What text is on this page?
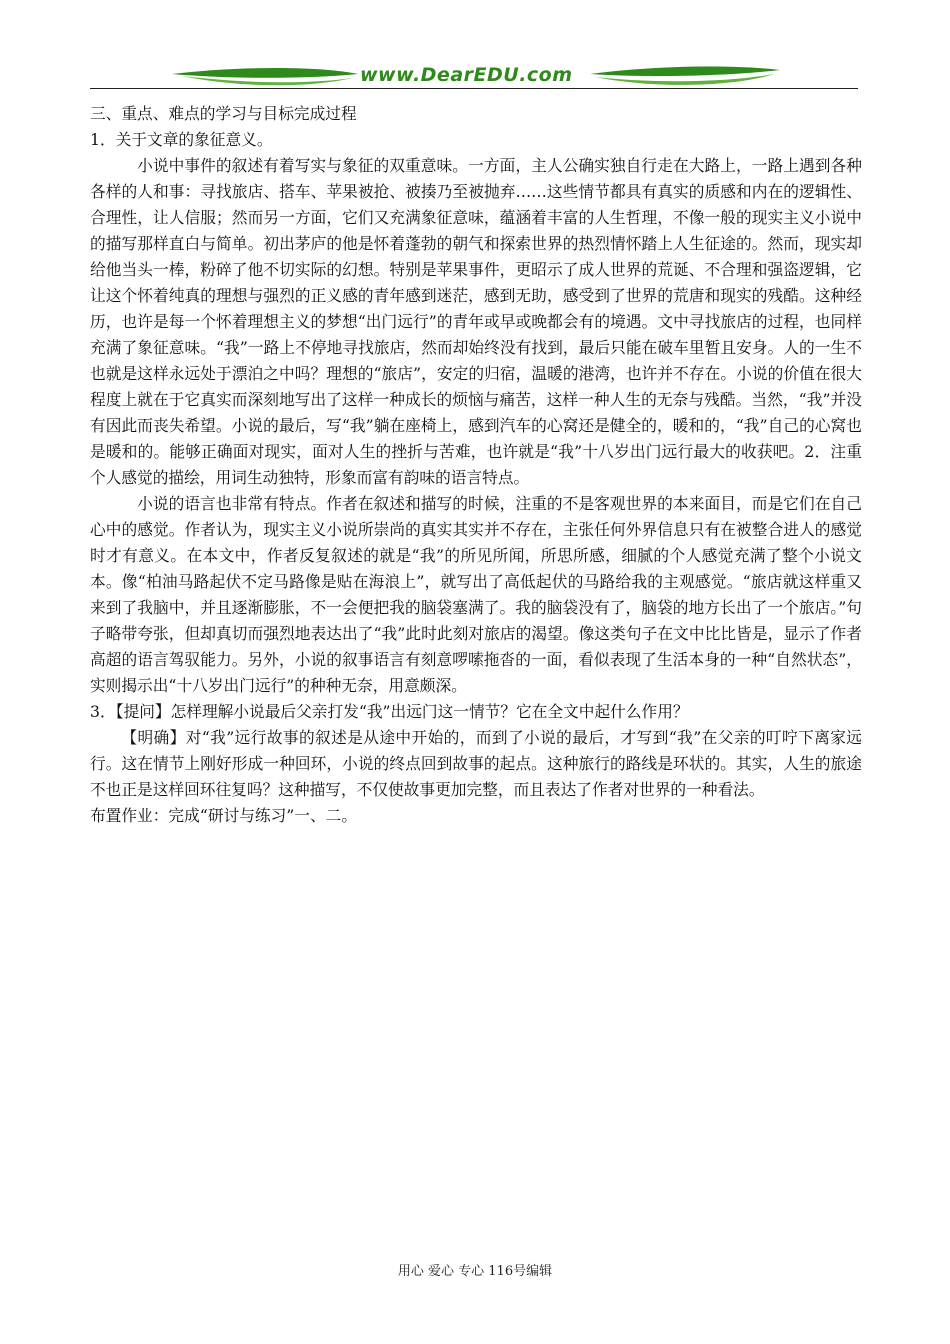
www.DearEDU.com

三、重点、难点的学习与目标完成过程

1．关于文章的象征意义。

小说中事件的叙述有着写实与象征的双重意味。一方面，主人公确实独自行走在大路上，一路上遇到各种各样的人和事：寻找旅店、搭车、苹果被抢、被揍乃至被抛弃……这些情节都具有真实的质感和内在的逻辑性、合理性，让人信服；然而另一方面，它们又充满象征意味，蕴涵着丰富的人生哲理，不像一般的现实主义小说中的描写那样直白与简单。初出茅庐的他是怀着蓬勃的朝气和探索世界的热烈情怀踏上人生征途的。然而，现实却给他当头一棒，粉碎了他不切实际的幻想。特别是苹果事件，更昭示了成人世界的荒诞、不合理和强盗逻辑，它让这个怀着纯真的理想与强烈的正义感的青年感到迷茫，感到无助，感受到了世界的荒唐和现实的残酷。这种经历，也许是每一个怀着理想主义的梦想“出门远行”的青年或早或晚都会有的境遇。文中寻找旅店的过程，也同样充满了象征意味。“我”一路上不停地寻找旅店，然而却始终没有找到，最后只能在破车里暂且安身。人的一生不也就是这样永远处于漂泊之中吗？理想的“旅店”，安定的归宿，温暖的港湾，也许并不存在。小说的价值在很大程度上就在于它真实而深刻地写出了这样一种成长的烦恼与痛苦，这样一种人生的无奈与残酷。当然，“我”并没有因此而丧失希望。小说的最后，写“我”躺在座椅上，感到汽车的心窝还是健全的，暖和的，“我”自己的心窝也是暖和的。能够正确面对现实，面对人生的挫折与苦难，也许就是“我”十八岁出门远行最大的收获吧。2．注重个人感觉的描绘，用词生动独特，形象而富有韵味的语言特点。

小说的语言也非常有特点。作者在叙述和描写的时候，注重的不是客观世界的本来面目，而是它们在自己心中的感觉。作者认为，现实主义小说所崇尚的真实其实并不存在，主张任何外界信息只有在被整合进人的感觉时才有意义。在本文中，作者反复叙述的就是“我”的所见所闻，所思所感，细腻的个人感觉充满了整个小说文本。像“柏油马路起伏不定马路像是贴在海浪上”，就写出了高低起伏的马路给我的主观感觉。“旅店就这样重又来到了我脑中，并且逐渐膨胀，不一会便把我的脑袋塞满了。我的脑袋没有了，脑袋的地方长出了一个旅店。”句子略带夸张，但却真切而强烈地表达出了“我”此时此刻对旅店的渴望。像这类句子在文中比比皆是，显示了作者高超的语言驾驭能力。另外，小说的叙事语言有刻意啰嗦拖沓的一面，看似表现了生活本身的一种“自然状态”，实则揭示出“十八岁出门远行”的种种无奈，用意颇深。

3．【提问】怎样理解小说最后父亲打发“我”出远门这一情节？它在全文中起什么作用？

【明确】对“我”远行故事的叙述是从途中开始的，而到了小说的最后，才写到“我”在父亲的叮咛下离家远行。这在情节上刚好形成一种回环，小说的终点回到故事的起点。这种旅行的路线是环状的。其实，人生的旅途不也正是这样回环往复吗？这种描写，不仅使故事更加完整，而且表达了作者对世界的一种看法。

布置作业：完成“研讨与练习”一、二。

用心 爱心 专心 116号编辑
